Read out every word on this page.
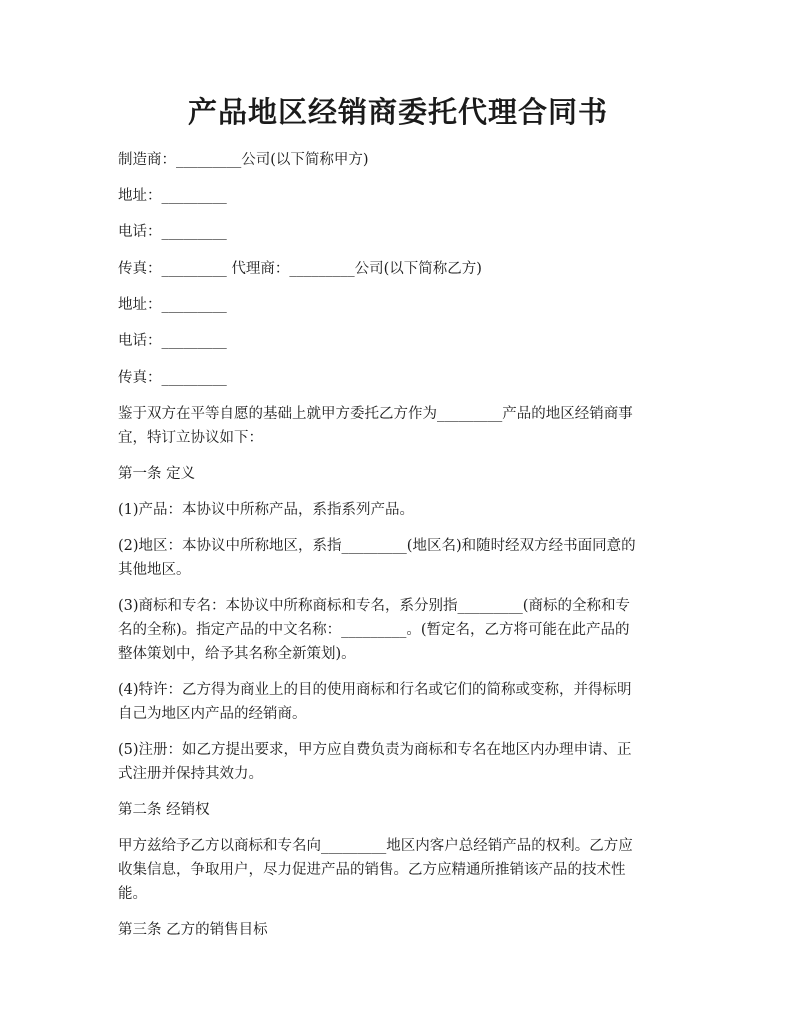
产品地区经销商委托代理合同书
制造商：_________公司(以下简称甲方)
地址：_________
电话：_________
传真：_________ 代理商：_________公司(以下简称乙方)
地址：_________
电话：_________
传真：_________
鉴于双方在平等自愿的基础上就甲方委托乙方作为_________产品的地区经销商事
宜，特订立协议如下：
第一条 定义
(1)产品：本协议中所称产品，系指系列产品。
(2)地区：本协议中所称地区，系指_________(地区名)和随时经双方经书面同意的
其他地区。
(3)商标和专名：本协议中所称商标和专名，系分别指_________(商标的全称和专
名的全称)。指定产品的中文名称：_________。(暂定名，乙方将可能在此产品的
整体策划中，给予其名称全新策划)。
(4)特许：乙方得为商业上的目的使用商标和行名或它们的简称或变称，并得标明
自己为地区内产品的经销商。
(5)注册：如乙方提出要求，甲方应自费负责为商标和专名在地区内办理申请、正
式注册并保持其效力。
第二条 经销权
甲方兹给予乙方以商标和专名向_________地区内客户总经销产品的权利。乙方应
收集信息，争取用户，尽力促进产品的销售。乙方应精通所推销该产品的技术性
能。
第三条 乙方的销售目标
